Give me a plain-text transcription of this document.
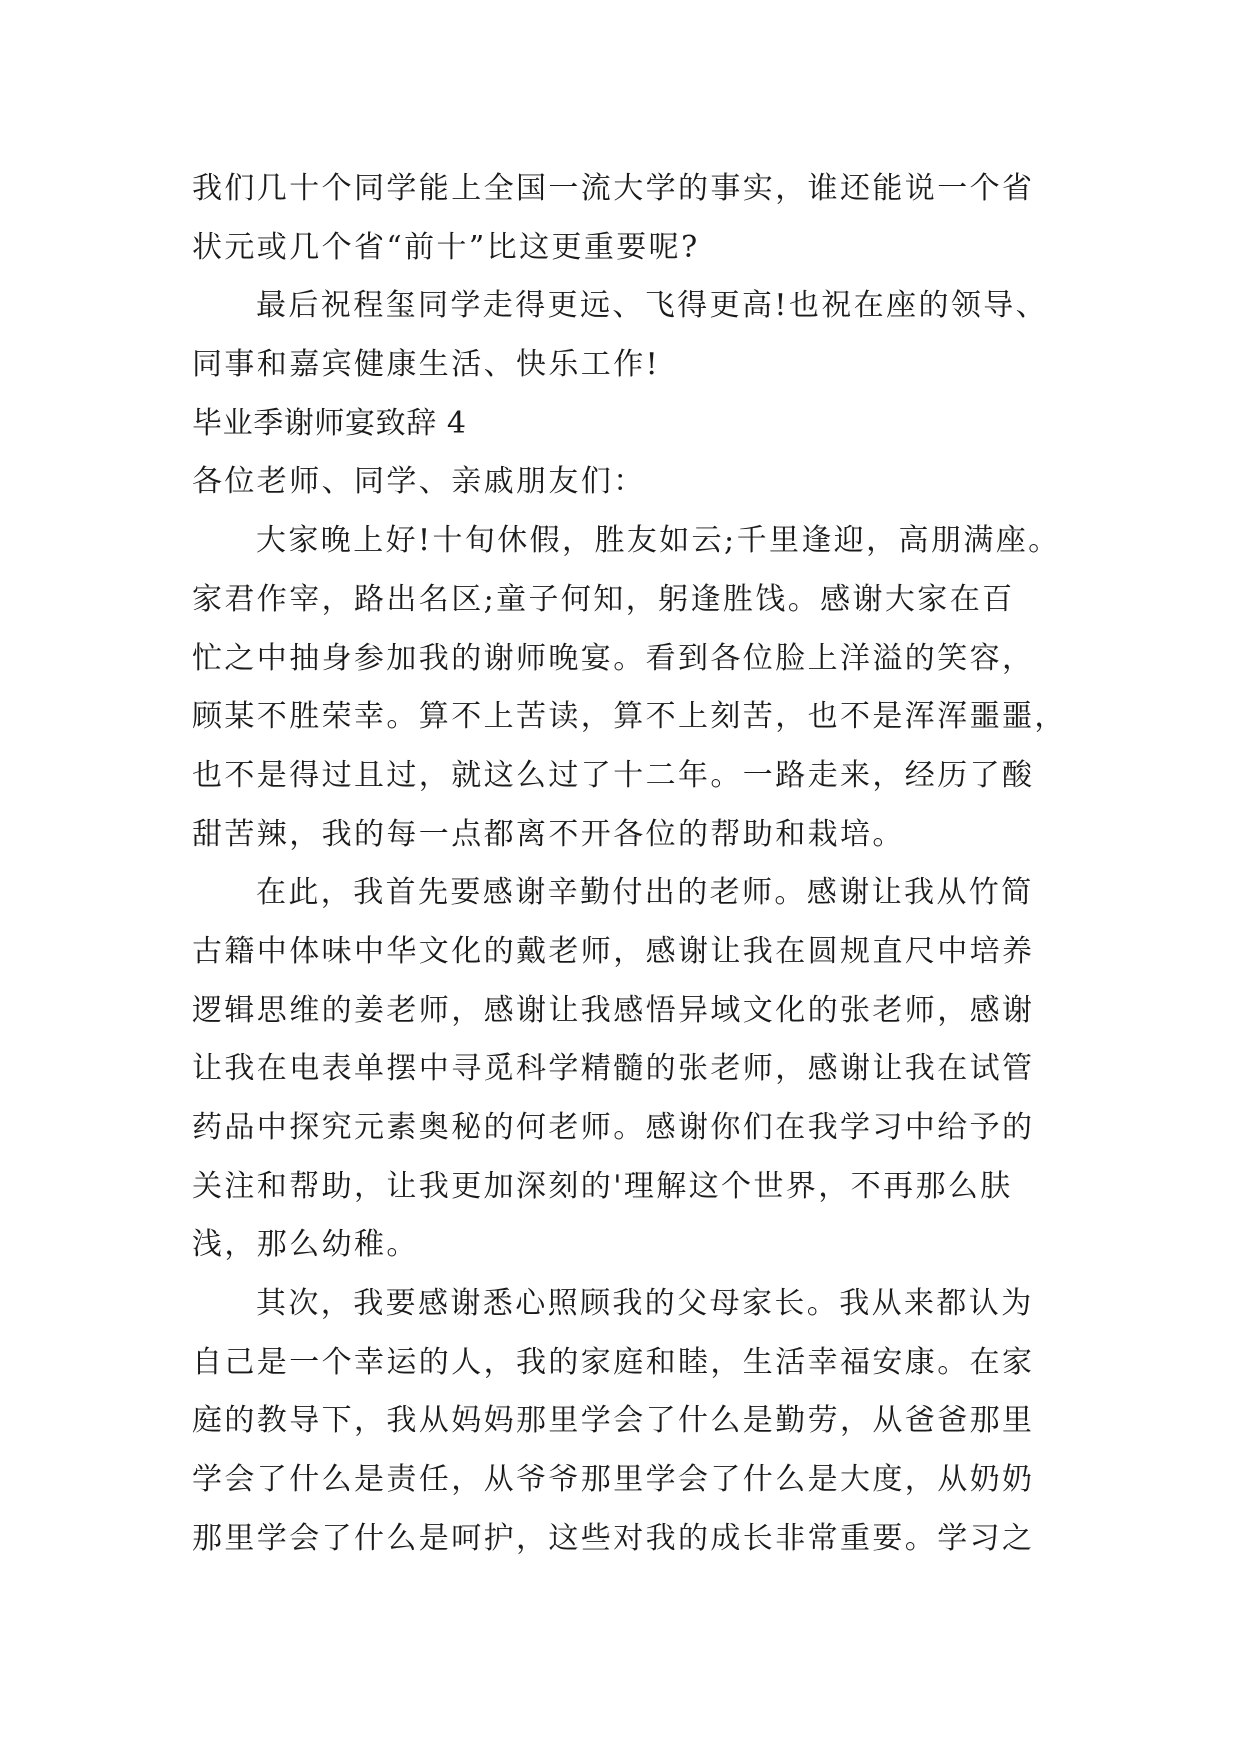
我们几十个同学能上全国一流大学的事实，谁还能说一个省
状元或几个省“前十”比这更重要呢?
最后祝程玺同学走得更远、飞得更高!也祝在座的领导、
同事和嘉宾健康生活、快乐工作!
毕业季谢师宴致辞 4
各位老师、同学、亲戚朋友们：
大家晚上好!十旬休假，胜友如云;千里逢迎，高朋满座。
家君作宰，路出名区;童子何知，躬逢胜饯。感谢大家在百
忙之中抽身参加我的谢师晚宴。看到各位脸上洋溢的笑容，
顾某不胜荣幸。算不上苦读，算不上刻苦，也不是浑浑噩噩，
也不是得过且过，就这么过了十二年。一路走来，经历了酸
甜苦辣，我的每一点都离不开各位的帮助和栽培。
在此，我首先要感谢辛勤付出的老师。感谢让我从竹简
古籍中体味中华文化的戴老师，感谢让我在圆规直尺中培养
逻辑思维的姜老师，感谢让我感悟异域文化的张老师，感谢
让我在电表单摆中寻觅科学精髓的张老师，感谢让我在试管
药品中探究元素奥秘的何老师。感谢你们在我学习中给予的
关注和帮助，让我更加深刻的'理解这个世界，不再那么肤
浅，那么幼稚。
其次，我要感谢悉心照顾我的父母家长。我从来都认为
自己是一个幸运的人，我的家庭和睦，生活幸福安康。在家
庭的教导下，我从妈妈那里学会了什么是勤劳，从爸爸那里
学会了什么是责任，从爷爷那里学会了什么是大度，从奶奶
那里学会了什么是呵护，这些对我的成长非常重要。学习之
